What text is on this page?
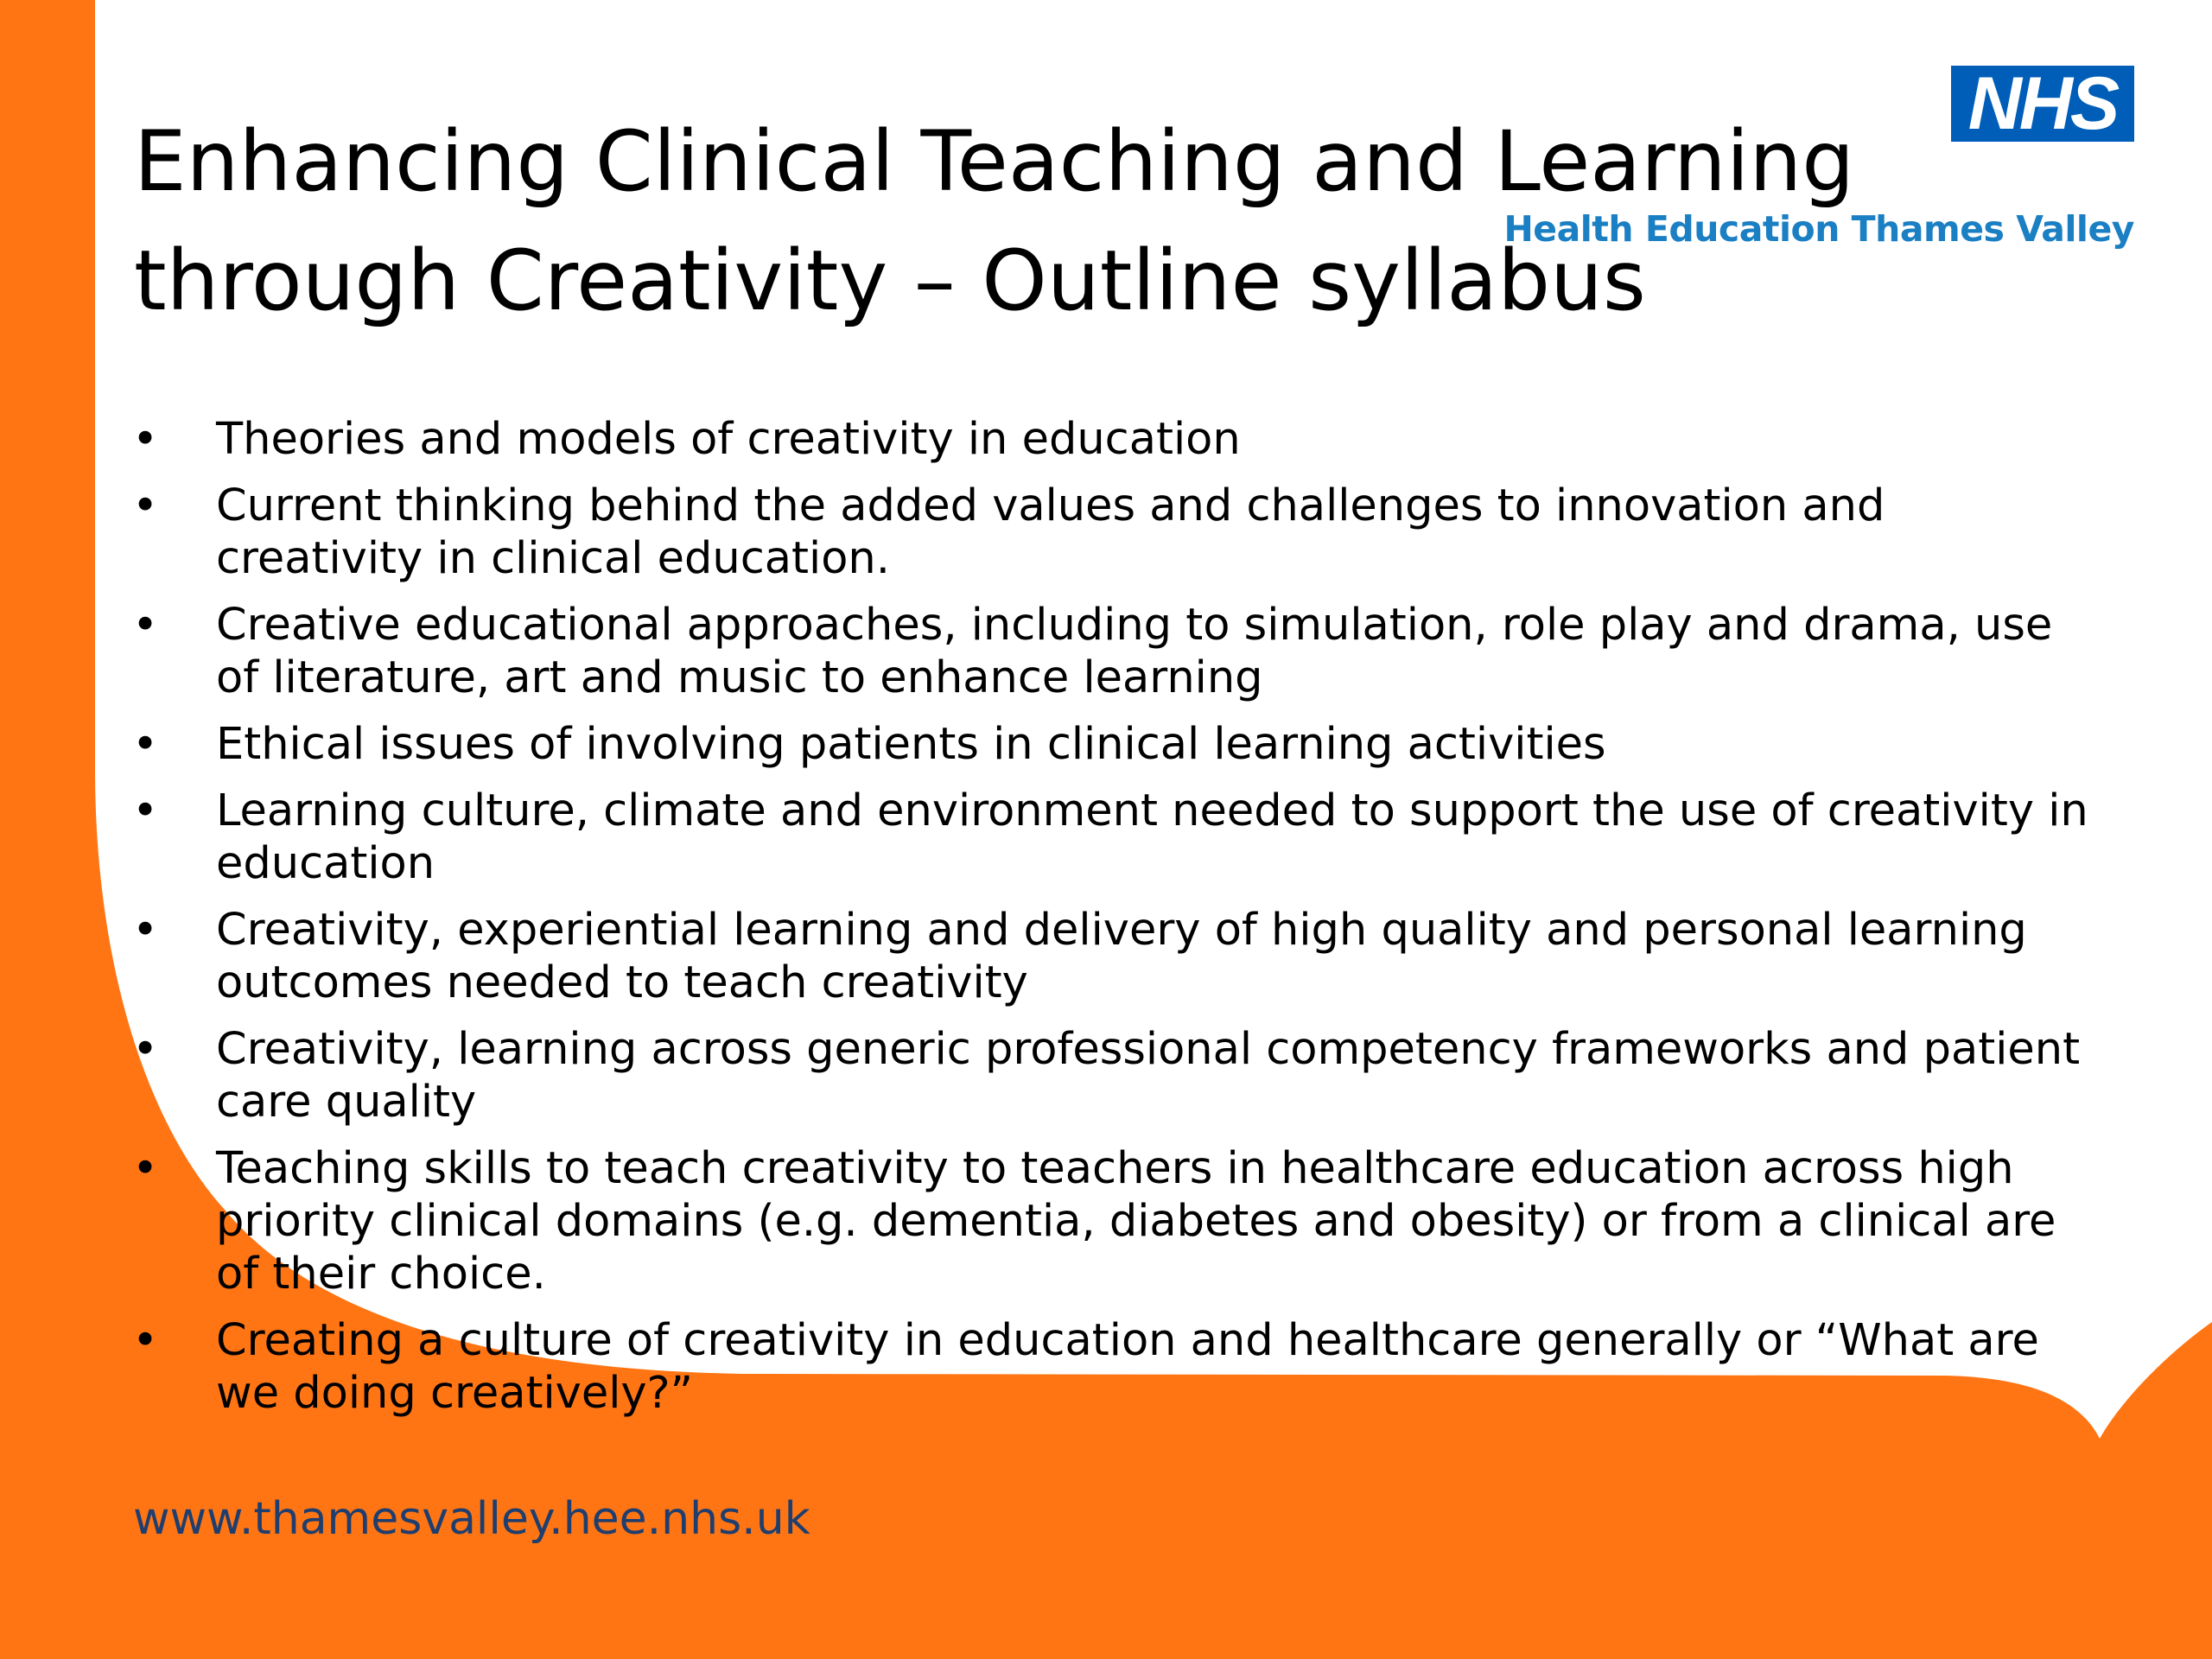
Enhancing Clinical Teaching and Learning
through Creativity – Outline syllabus
NHS
Health Education Thames Valley
• Theories and models of creativity in education
• Current thinking behind the added values and challenges to innovation and creativity in clinical education.
• Creative educational approaches, including to simulation, role play and drama, use of literature, art and music to enhance learning
• Ethical issues of involving patients in clinical learning activities
• Learning culture, climate and environment needed to support the use of creativity in education
• Creativity, experiential learning and delivery of high quality and personal learning outcomes needed to teach creativity
• Creativity, learning across generic professional competency frameworks and patient care quality
• Teaching skills to teach creativity to teachers in healthcare education across high priority clinical domains (e.g. dementia, diabetes and obesity) or from a clinical are of their choice.
• Creating a culture of creativity in education and healthcare generally or “What are we doing creatively?”
www.thamesvalley.hee.nhs.uk
